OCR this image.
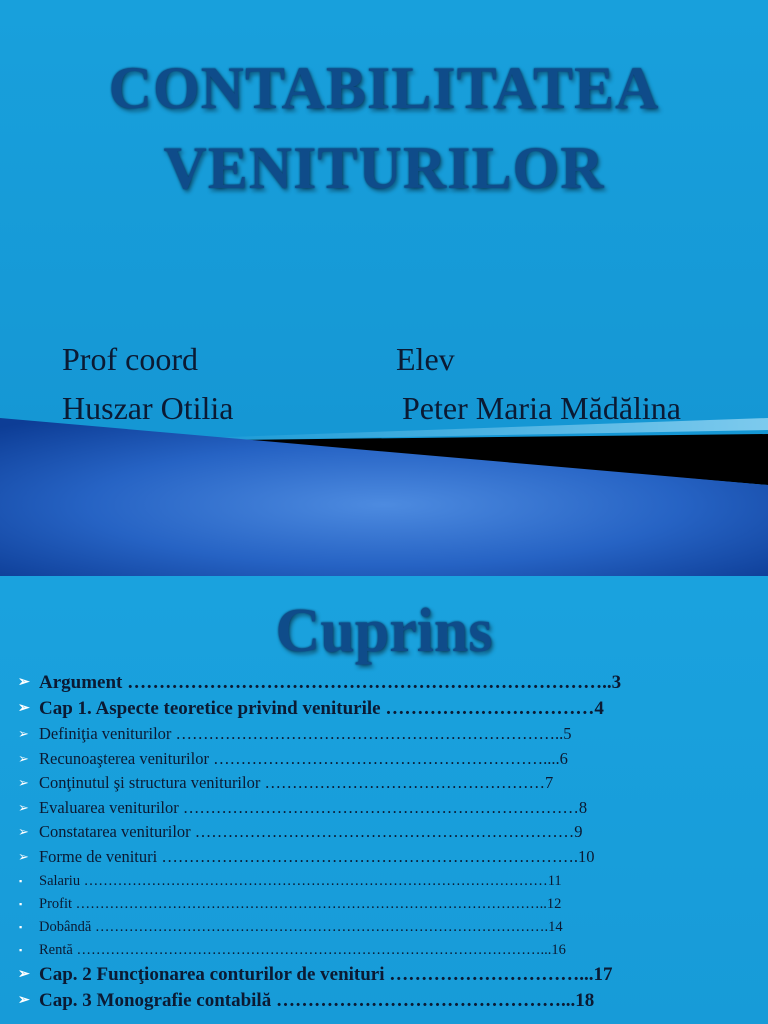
CONTABILITATEA
VENITURILOR
Prof coord	Elev
Huszar Otilia	Peter Maria Mădălina
Cuprins
➢ Argument …………………………………………………………………..3
➢ Cap 1. Aspecte teoretice privind veniturile ……………………………4
➢ Definiţia veniturilor ……………………………………………………………..5
➢ Recunoaşterea veniturilor ……………………………………………………....6
➢ Conţinutul şi structura veniturilor ……………………………………………7
➢ Evaluarea veniturilor ………………………………………………………………8
➢ Constatarea veniturilor ……………………………………………………………9
➢ Forme de venituri ………………………………………………………………….10
▪ Salariu ……………………………………………………………………………………11
▪ Profit ……………………………………………………………………………………..12
▪ Dobândă ………………………………………………………………………………….14
▪ Rentă ……………………………………………………………………………………...16
➢ Cap. 2 Funcţionarea conturilor de venituri …………………………...17
➢ Cap. 3 Monografie contabilă ………………………………………...18
